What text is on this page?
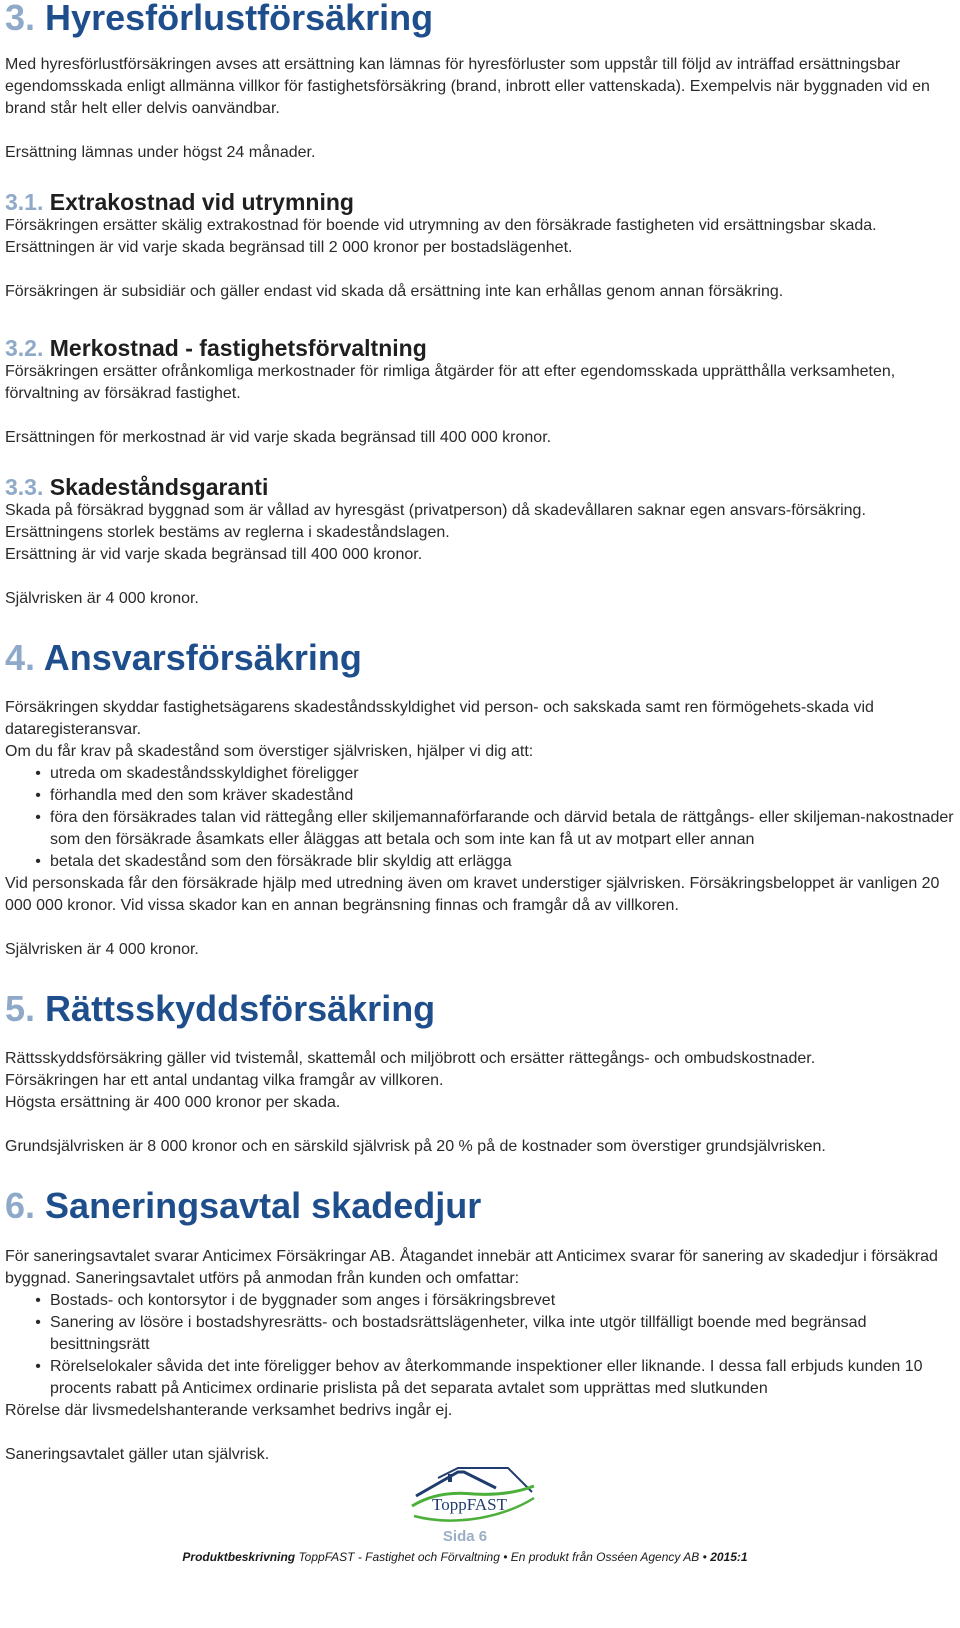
3. Hyresförlustförsäkring

Med hyresförlustförsäkringen avses att ersättning kan lämnas för hyresförluster som uppstår till följd av inträffad ersättningsbar egendomsskada enligt allmänna villkor för fastighetsförsäkring (brand, inbrott eller vattenskada). Exempelvis när byggnaden vid en brand står helt eller delvis oanvändbar.

Ersättning lämnas under högst 24 månader.

3.1. Extrakostnad vid utrymning

Försäkringen ersätter skälig extrakostnad för boende vid utrymning av den försäkrade fastigheten vid ersättningsbar skada. Ersättningen är vid varje skada begränsad till 2 000 kronor per bostadslägenhet.

Försäkringen är subsidiär och gäller endast vid skada då ersättning inte kan erhållas genom annan försäkring.

3.2. Merkostnad - fastighetsförvaltning

Försäkringen ersätter ofrånkomliga merkostnader för rimliga åtgärder för att efter egendomsskada upprätthålla verksamheten, förvaltning av försäkrad fastighet.

Ersättningen för merkostnad är vid varje skada begränsad till 400 000 kronor.

3.3. Skadeståndsgaranti

Skada på försäkrad byggnad som är vållad av hyresgäst (privatperson) då skadevållaren saknar egen ansvars-försäkring. Ersättningens storlek bestäms av reglerna i skadeståndslagen.

Ersättning är vid varje skada begränsad till 400 000 kronor.

Självrisken är 4 000 kronor.

4. Ansvarsförsäkring

Försäkringen skyddar fastighetsägarens skadeståndsskyldighet vid person- och sakskada samt ren förmögehets-skada vid dataregisteransvar.

Om du får krav på skadestånd som överstiger självrisken, hjälper vi dig att:

• utreda om skadeståndsskyldighet föreligger
• förhandla med den som kräver skadestånd
• föra den försäkrades talan vid rättegång eller skiljemannaförfarande och därvid betala de rättgångs- eller skiljeman-nakostnader som den försäkrade åsamkats eller åläggas att betala och som inte kan få ut av motpart eller annan
• betala det skadestånd som den försäkrade blir skyldig att erlägga

Vid personskada får den försäkrade hjälp med utredning även om kravet understiger självrisken. Försäkringsbeloppet är vanligen 20 000 000 kronor. Vid vissa skador kan en annan begränsning finnas och framgår då av villkoren.

Självrisken är 4 000 kronor.

5. Rättsskyddsförsäkring

Rättsskyddsförsäkring gäller vid tvistemål, skattemål och miljöbrott och ersätter rättegångs- och ombudskostnader.

Försäkringen har ett antal undantag vilka framgår av villkoren.

Högsta ersättning är 400 000 kronor per skada.

Grundsjälvrisken är 8 000 kronor och en särskild självrisk på 20 % på de kostnader som överstiger grundsjälvrisken.

6. Saneringsavtal skadedjur

För saneringsavtalet svarar Anticimex Försäkringar AB. Åtagandet innebär att Anticimex svarar för sanering av skadedjur i försäkrad byggnad. Saneringsavtalet utförs på anmodan från kunden och omfattar:

• Bostads- och kontorsytor i de byggnader som anges i försäkringsbrevet
• Sanering av lösöre i bostadshyresrätts- och bostadsrättslägenheter, vilka inte utgör tillfälligt boende med begränsad besittningsrätt
• Rörelselokaler såvida det inte föreligger behov av återkommande inspektioner eller liknande. I dessa fall erbjuds kunden 10 procents rabatt på Anticimex ordinarie prislista på det separata avtalet som upprättas med slutkunden

Rörelse där livsmedelshanterande verksamhet bedrivs ingår ej.

Saneringsavtalet gäller utan självrisk.

ToppFAST
Sida 6
Produktbeskrivning ToppFAST - Fastighet och Förvaltning • En produkt från Osséen Agency AB • 2015:1
